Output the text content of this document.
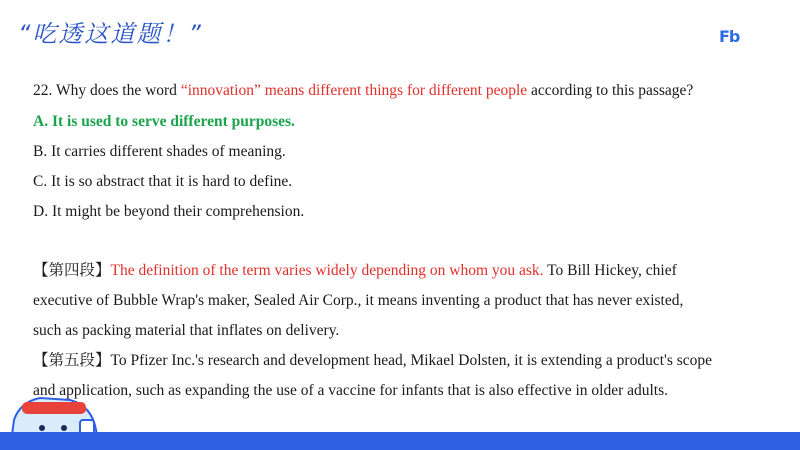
“吃透这道题！”	Fb
22. Why does the word “innovation” means different things for different people according to this passage?
A. It is used to serve different purposes.
B. It carries different shades of meaning.
C. It is so abstract that it is hard to define.
D. It might be beyond their comprehension.
【第四段】The definition of the term varies widely depending on whom you ask. To Bill Hickey, chief
executive of Bubble Wrap's maker, Sealed Air Corp., it means inventing a product that has never existed,
such as packing material that inflates on delivery.
【第五段】To Pfizer Inc.'s research and development head, Mikael Dolsten, it is extending a product's scope
and application, such as expanding the use of a vaccine for infants that is also effective in older adults.
